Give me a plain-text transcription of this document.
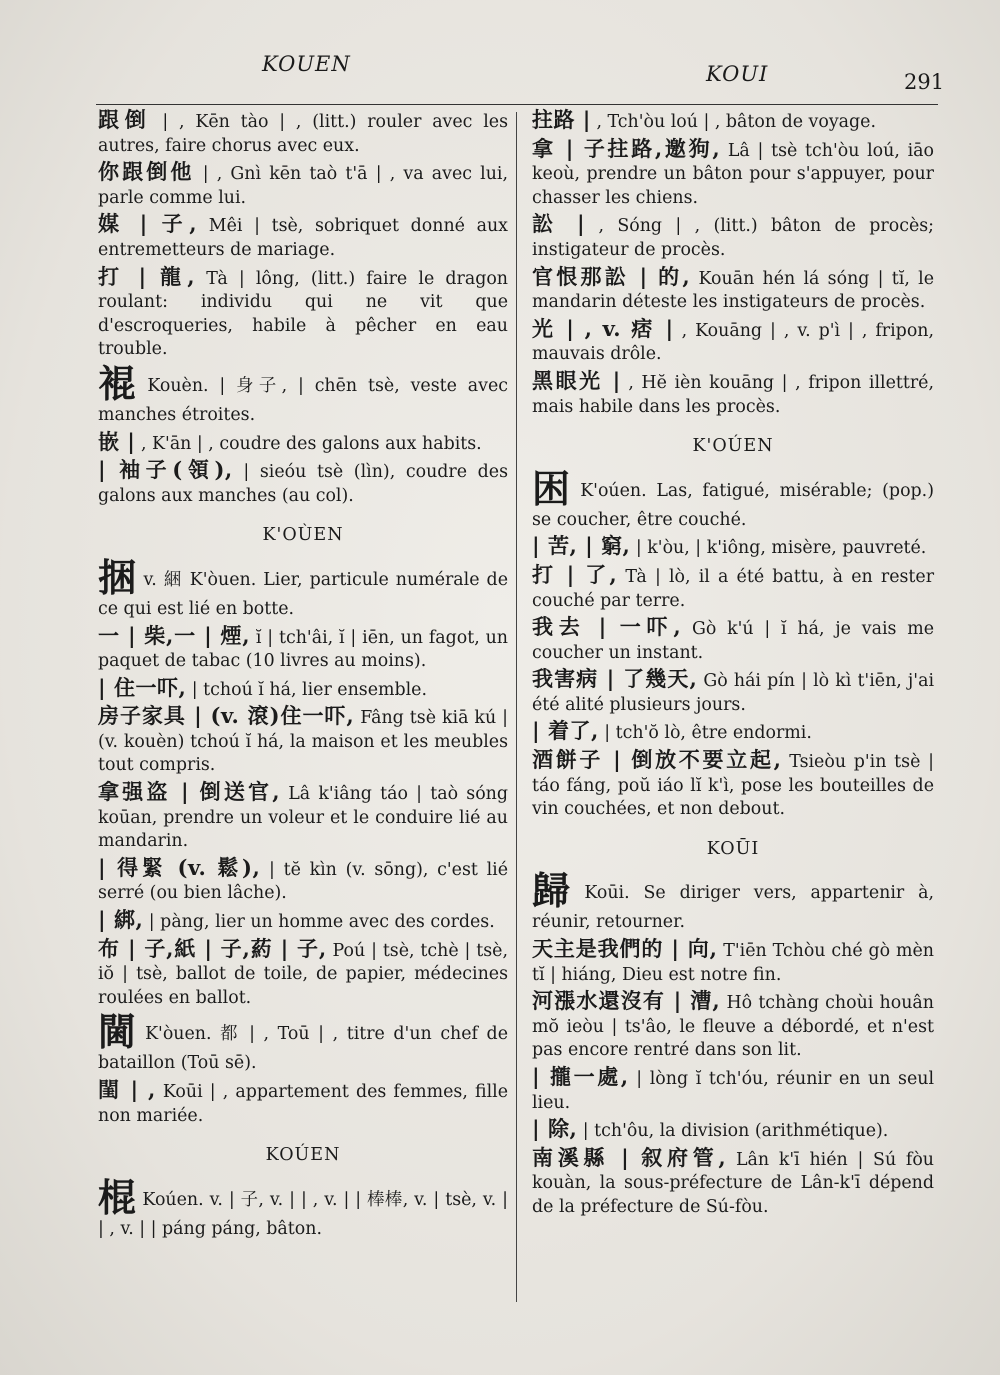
KOUEN	KOUI	291
跟倒 | , Kēn tào | , (litt.) rouler avec les autres, faire chorus avec eux.
你跟倒他 | , Gnì kēn taò t'ā | , va avec lui, parle comme lui.
媒 | 子, Mêi | tsè, sobriquet donné aux entremetteurs de mariage.
打 | 龍, Tà | lông, (litt.) faire le dragon roulant: individu qui ne vit que d'escroqueries, habile à pêcher en eau trouble.
裩 Kouèn. | 身子, | chēn tsè, veste avec manches étroites.
嵌 | , K'ān | , coudre des galons aux habits.
| 袖子(領), | sieóu tsè (lìn), coudre des galons aux manches (au col).
K'OÙEN
捆v. 綑 K'òuen. Lier, particule numérale de ce qui est lié en botte.
一 | 柴,一 | 煙, ĭ | tch'âi, ĭ | iēn, un fagot, un paquet de tabac (10 livres au moins).
| 住一吓, | tchoú ĭ há, lier ensemble.
房子家具 | (v. 滾)住一吓, Fâng tsè kiā kú | (v. kouèn) tchoú ĭ há, la maison et les meubles tout compris.
拿强盗 | 倒送官, Lâ k'iâng táo | taò sóng koūan, prendre un voleur et le conduire lié au mandarin.
| 得緊 (v. 鬆), | tĕ kìn (v. sōng), c'est lié serré (ou bien lâche).
| 綁, | pàng, lier un homme avec des cordes.
布 | 子,紙 | 子,葯 | 子, Poú | tsè, tchè | tsè, iŏ | tsè, ballot de toile, de papier, médecines roulées en ballot.
閫 K'òuen. 都 | , Toū | , titre d'un chef de bataillon (Toū sē).
閨 | , Koūi | , appartement des femmes, fille non mariée.
KOÚEN
棍 Koúen. v. | 子, v. | | , v. | | 棒棒, v. | tsè, v. | | , v. | | páng páng, bâton.
拄路 | , Tch'òu loú | , bâton de voyage.
拿 | 子拄路,邀狗, Lâ | tsè tch'òu loú, iāo keoù, prendre un bâton pour s'appuyer, pour chasser les chiens.
訟 | , Sóng | , (litt.) bâton de procès; instigateur de procès.
官恨那訟 | 的, Kouān hén lá sóng | tĭ, le mandarin déteste les instigateurs de procès.
光 | , v. 痞 | , Kouāng | , v. p'ì | , fripon, mauvais drôle.
黑眼光 | , Hĕ ièn kouāng | , fripon illettré, mais habile dans les procès.
K'OÚEN
困 K'oúen. Las, fatigué, misérable; (pop.) se coucher, être couché.
| 苦, | 窮, | k'òu, | k'iông, misère, pauvreté.
打 | 了, Tà | lò, il a été battu, à en rester couché par terre.
我去 | 一吓, Gò k'ú | ĭ há, je vais me coucher un instant.
我害病 | 了幾天, Gò hái pín | lò kì t'iēn, j'ai été alité plusieurs jours.
| 着了, | tch'ŏ lò, être endormi.
酒餅子 | 倒放不要立起, Tsieòu p'in tsè | táo fáng, poŭ iáo lĭ k'ì, pose les bouteilles de vin couchées, et non debout.
KOŪI
歸 Koūi. Se diriger vers, appartenir à, réunir, retourner.
天主是我們的 | 向, T'iēn Tchòu ché gò mèn tĭ | hiáng, Dieu est notre fin.
河漲水還沒有 | 漕, Hô tchàng choùi houân mŏ ieòu | ts'âo, le fleuve a débordé, et n'est pas encore rentré dans son lit.
| 攏一處, | lòng ĭ tch'óu, réunir en un seul lieu.
| 除, | tch'ôu, la division (arithmétique).
南溪縣 | 叙府管, Lân k'ī hién | Sú fòu kouàn, la sous-préfecture de Lân-k'ī dépend de la préfecture de Sú-fòu.
